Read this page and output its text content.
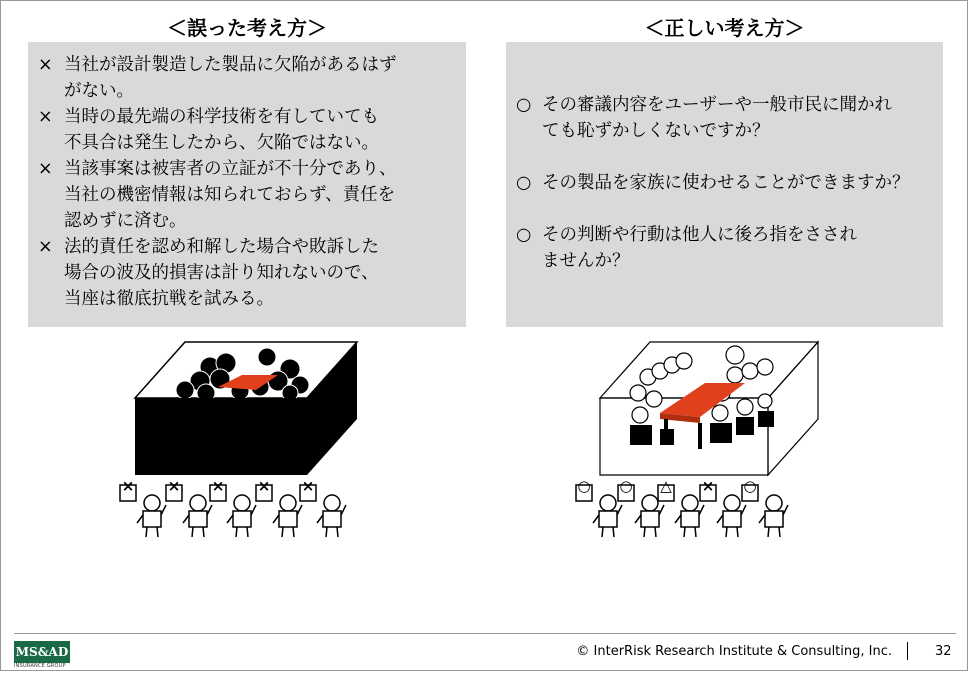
＜誤った考え方＞	＜正しい考え方＞
× 当社が設計製造した製品に欠陥があるはず
がない。
× 当時の最先端の科学技術を有していても
不具合は発生したから、欠陥ではない。
× 当該事案は被害者の立証が不十分であり、
当社の機密情報は知られておらず、責任を
認めずに済む。
× 法的責任を認め和解した場合や敗訴した
場合の波及的損害は計り知れないので、
当座は徹底抗戦を試みる。
○ その審議内容をユーザーや一般市民に聞かれ
ても恥ずかしくないですか？
○ その製品を家族に使わせることができますか？
○ その判断や行動は他人に後ろ指をさされ
ませんか？
× × × × ×	○ ○ △ × ○
MS&AD
INSURANCE GROUP
© InterRisk Research Institute & Consulting, Inc.	32
